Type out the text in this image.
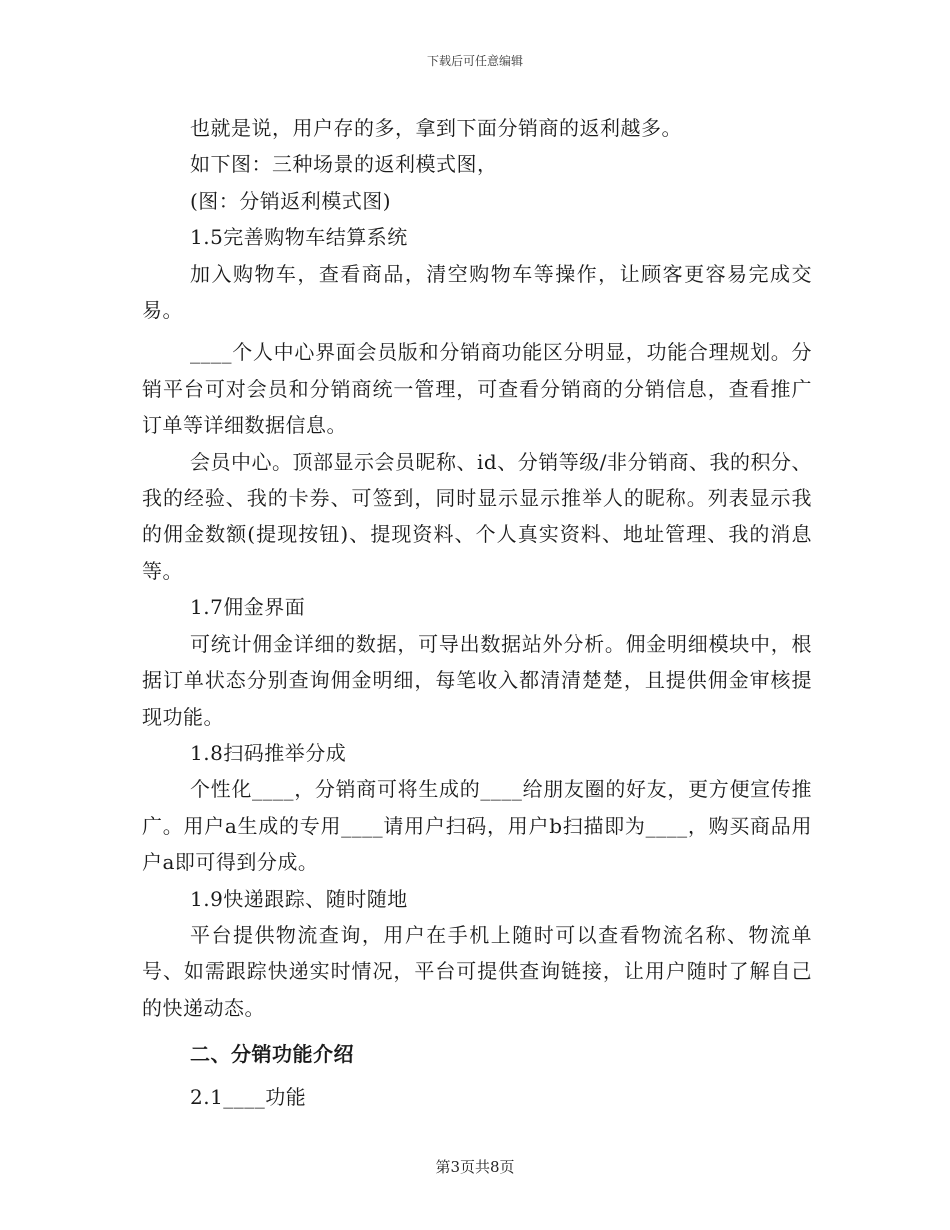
下载后可任意编辑

也就是说，用户存的多，拿到下面分销商的返利越多。

如下图：三种场景的返利模式图，

(图：分销返利模式图)

1.5完善购物车结算系统

加入购物车，查看商品，清空购物车等操作，让顾客更容易完成交易。

____个人中心界面会员版和分销商功能区分明显，功能合理规划。分销平台可对会员和分销商统一管理，可查看分销商的分销信息，查看推广订单等详细数据信息。

会员中心。顶部显示会员昵称、id、分销等级/非分销商、我的积分、我的经验、我的卡券、可签到，同时显示显示推举人的昵称。列表显示我的佣金数额(提现按钮)、提现资料、个人真实资料、地址管理、我的消息等。

1.7佣金界面

可统计佣金详细的数据，可导出数据站外分析。佣金明细模块中，根据订单状态分别查询佣金明细，每笔收入都清清楚楚，且提供佣金审核提现功能。

1.8扫码推举分成

个性化____，分销商可将生成的____给朋友圈的好友，更方便宣传推广。用户a生成的专用____请用户扫码，用户b扫描即为____，购买商品用户a即可得到分成。

1.9快递跟踪、随时随地

平台提供物流查询，用户在手机上随时可以查看物流名称、物流单号、如需跟踪快递实时情况，平台可提供查询链接，让用户随时了解自己的快递动态。

二、分销功能介绍

2.1____功能

第3页共8页
